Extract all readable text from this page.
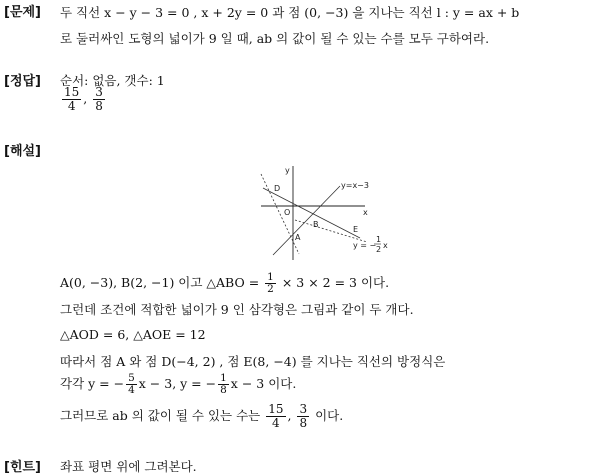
[문제] 두 직선 x − y − 3 = 0 , x + 2y = 0 과 점 (0, −3) 을 지나는 직선 l : y = ax + b
로 둘러싸인 도형의 넓이가 9 일 때, ab 의 값이 될 수 있는 수를 모두 구하여라.
[정답] 순서: 없음, 갯수: 1
$\frac{15}{4}$ , $\frac{3}{8}$
[해설]
y
x
D
O
B
A
E
y=x−3
y = −
1
2 x
A(0, −3), B(2, −1) 이고 △ABO = $\frac{1}{2} \times 3 \times 2 = 3$ 이다.
그런데 조건에 적합한 넓이가 9 인 삼각형은 그림과 같이 두 개다.
△AOD = 6, △AOE = 12
따라서 점 A 와 점 D(−4, 2) , 점 E(8, −4) 를 지나는 직선의 방정식은
각각 y = − $\frac{5}{4}$ x − 3, y = − $\frac{1}{8}$ x − 3 이다.
그러므로 ab 의 값이 될 수 있는 수는 $\frac{15}{4}$ , $\frac{3}{8}$ 이다.
[힌트] 좌표 평면 위에 그려본다.
